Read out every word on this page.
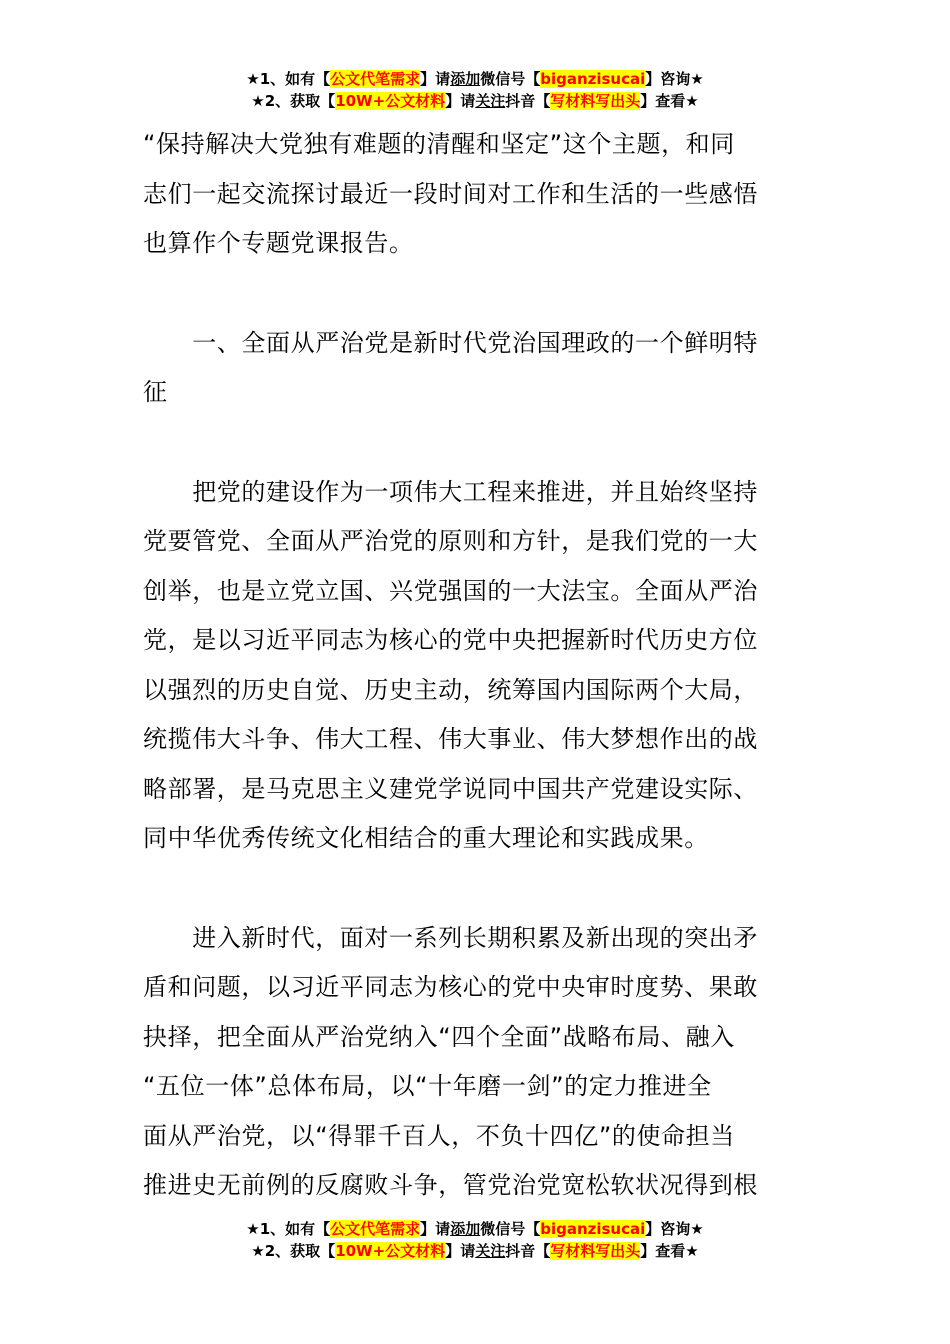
★1、如有【公文代笔需求】请添加微信号【biganzisucai】咨询★
★2、获取【10W+公文材料】请关注抖音【写材料写出头】查看★

“保持解决大党独有难题的清醒和坚定”这个主题，和同
志们一起交流探讨最近一段时间对工作和生活的一些感悟
也算作个专题党课报告。

　　一、全面从严治党是新时代党治国理政的一个鲜明特
征

　　把党的建设作为一项伟大工程来推进，并且始终坚持
党要管党、全面从严治党的原则和方针，是我们党的一大
创举，也是立党立国、兴党强国的一大法宝。全面从严治
党，是以习近平同志为核心的党中央把握新时代历史方位
以强烈的历史自觉、历史主动，统筹国内国际两个大局，
统揽伟大斗争、伟大工程、伟大事业、伟大梦想作出的战
略部署，是马克思主义建党学说同中国共产党建设实际、
同中华优秀传统文化相结合的重大理论和实践成果。

　　进入新时代，面对一系列长期积累及新出现的突出矛
盾和问题，以习近平同志为核心的党中央审时度势、果敢
抉择，把全面从严治党纳入“四个全面”战略布局、融入
“五位一体”总体布局，以“十年磨一剑”的定力推进全
面从严治党，以“得罪千百人，不负十四亿”的使命担当
推进史无前例的反腐败斗争，管党治党宽松软状况得到根

★1、如有【公文代笔需求】请添加微信号【biganzisucai】咨询★
★2、获取【10W+公文材料】请关注抖音【写材料写出头】查看★
